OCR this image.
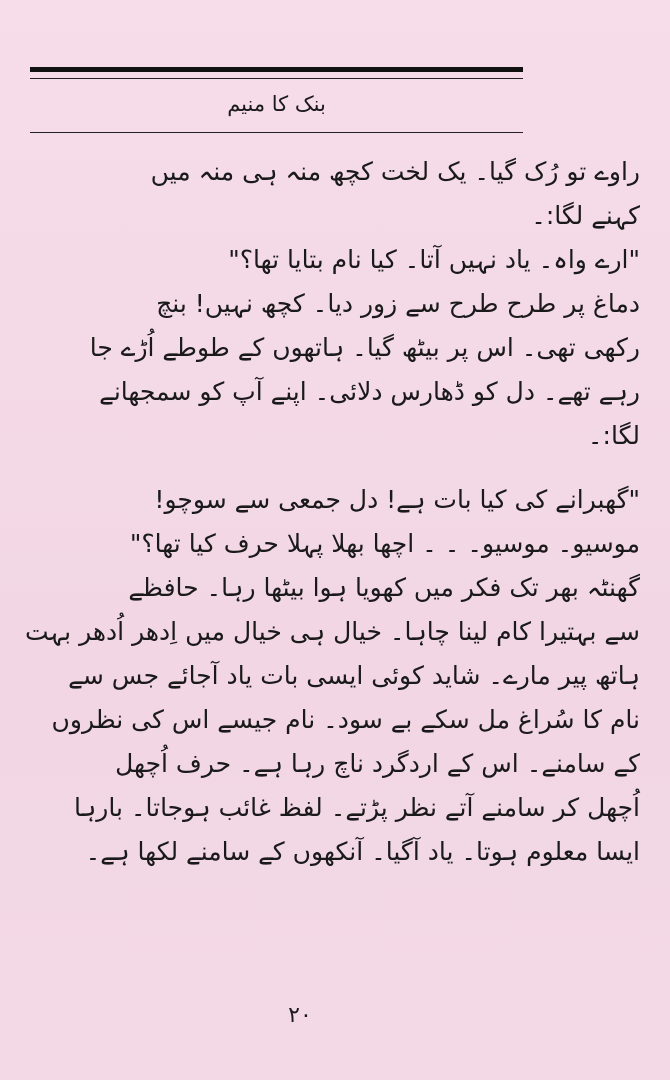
بنک کا منیم
راوے تو رُک گیا۔ یک لخت کچھ منہ ہی منہ میں
کہنے لگا:۔
"ارے واہ۔ یاد نہیں آتا۔ کیا نام بتایا تھا؟"
دماغ پر طرح طرح سے زور دیا۔ کچھ نہیں! بنچ
رکھی تھی۔ اس پر بیٹھ گیا۔ ہاتھوں کے طوطے اُڑے جا
رہے تھے۔ دل کو ڈھارس دلائی۔ اپنے آپ کو سمجھانے
لگا:۔
"گھبرانے کی کیا بات ہے! دل جمعی سے سوچو!
موسیو۔ موسیو۔ ۔ ۔ اچھا بھلا پہلا حرف کیا تھا؟"
گھنٹہ بھر تک فکر میں کھویا ہوا بیٹھا رہا۔ حافظے
سے بہتیرا کام لینا چاہا۔ خیال ہی خیال میں اِدھر اُدھر بہت
ہاتھ پیر مارے۔ شاید کوئی ایسی بات یاد آجائے جس سے
نام کا سُراغ مل سکے بے سود۔ نام جیسے اس کی نظروں
کے سامنے۔ اس کے اردگرد ناچ رہا ہے۔ حرف اُچھل
اُچھل کر سامنے آتے نظر پڑتے۔ لفظ غائب ہوجاتا۔ بارہا
ایسا معلوم ہوتا۔ یاد آگیا۔ آنکھوں کے سامنے لکھا ہے۔
۲۰
